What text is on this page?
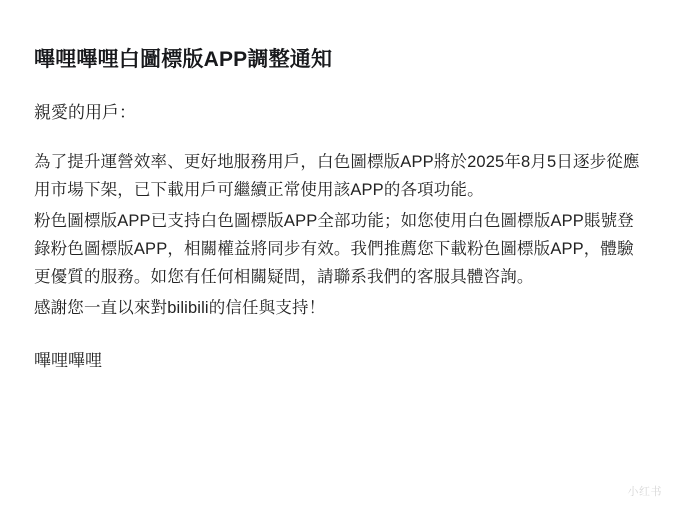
嗶哩嗶哩白圖標版APP調整通知

親愛的用戶：

為了提升運營效率、更好地服務用戶，白色圖標版APP將於2025年8月5日逐步從應用市場下架，已下載用戶可繼續正常使用該APP的各項功能。

粉色圖標版APP已支持白色圖標版APP全部功能；如您使用白色圖標版APP賬號登錄粉色圖標版APP，相關權益將同步有效。我們推薦您下載粉色圖標版APP，體驗更優質的服務。如您有任何相關疑問，請聯系我們的客服具體咨詢。

感謝您一直以來對bilibili的信任與支持！

嗶哩嗶哩

小红书
